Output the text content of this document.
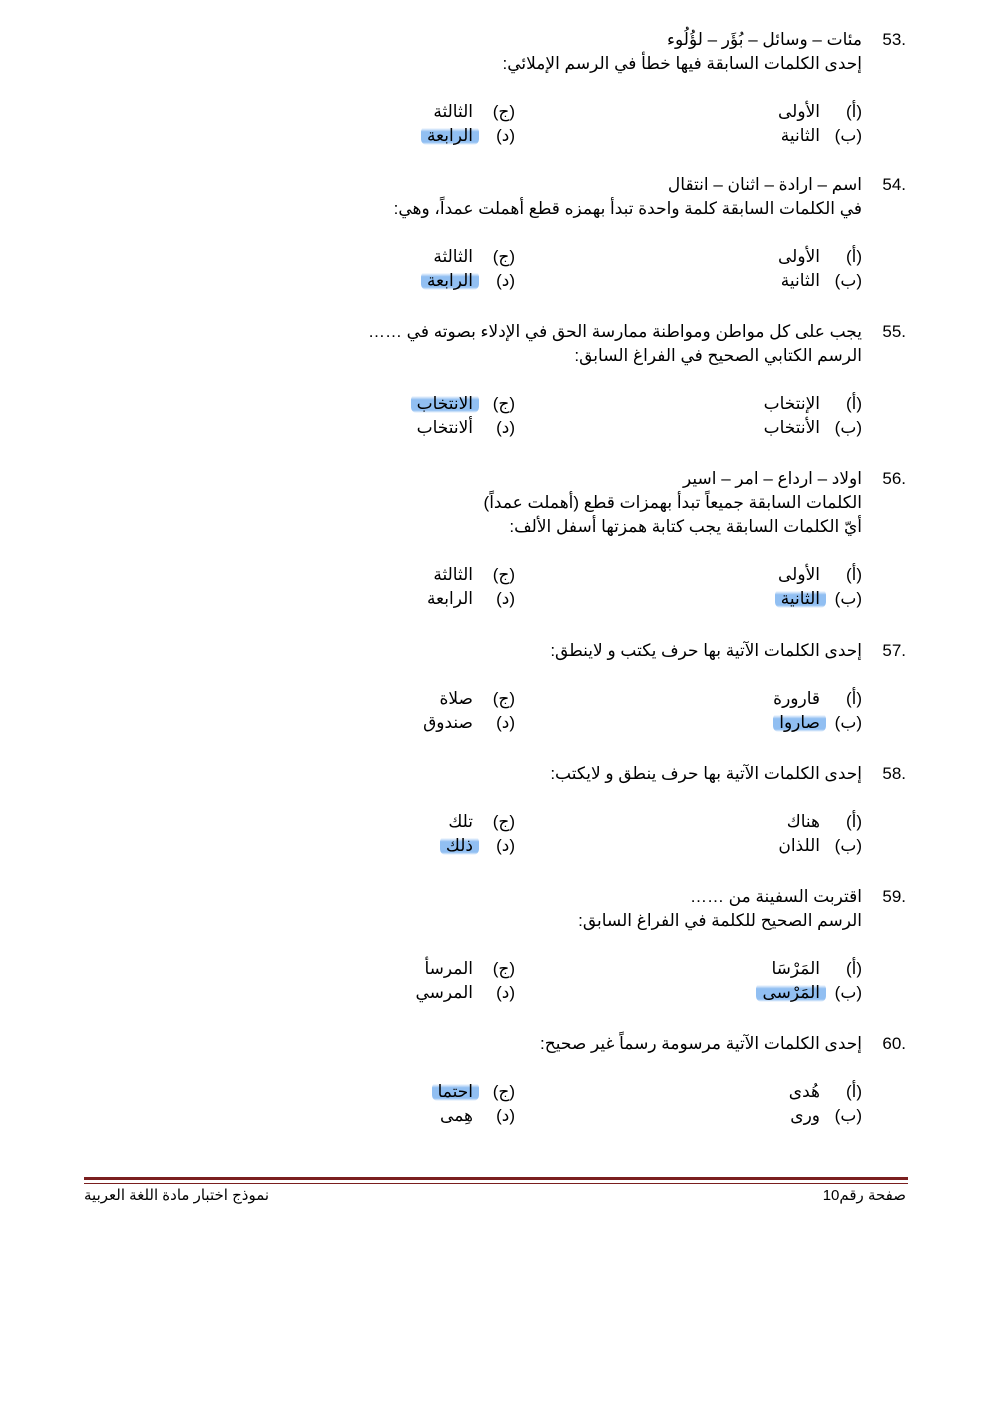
53.
مئات – وسائل – بُؤَر – لؤُلُوء
إحدى الكلمات السابقة فيها خطأ في الرسم الإملائي:
(أ)الأولى
(ب)الثانية
(ج)الثالثة
(د)الرابعة
54.
اسم – ارادة – اثنان – انتقال
في الكلمات السابقة كلمة واحدة تبدأ بهمزه قطع أهملت عمداً، وهي:
(أ)الأولى
(ب)الثانية
(ج)الثالثة
(د)الرابعة
55.
يجب على كل مواطن ومواطنة ممارسة الحق في الإدلاء بصوته في ……
الرسم الكتابي الصحيح في الفراغ السابق:
(أ)الإنتخاب
(ب)الأنتخاب
(ج)الانتخاب
(د)ألانتخاب
56.
اولاد – ارداع – امر – اسير
الكلمات السابقة جميعاً تبدأ بهمزات قطع (أهملت عمداً)
أيّ الكلمات السابقة يجب كتابة همزتها أسفل الألف:
(أ)الأولى
(ب)الثانية
(ج)الثالثة
(د)الرابعة
57.
إحدى الكلمات الآتية بها حرف يكتب و لاينطق:
(أ)قارورة
(ب)صاروا
(ج)صلاة
(د)صندوق
58.
إحدى الكلمات الآتية بها حرف ينطق و لايكتب:
(أ)هناك
(ب)اللذان
(ج)تلك
(د)ذلك
59.
اقتربت السفينة من ……
الرسم الصحيح للكلمة في الفراغ السابق:
(أ)المَرْسَا
(ب)المَرْسى
(ج)المرسأ
(د)المرسي
60.
إحدى الكلمات الآتية مرسومة رسماً غير صحيح:
(أ)هُدى
(ب)ورى
(ج)احتما
(د)هِمى
صفحة رقم10
نموذج اختبار مادة اللغة العربية
